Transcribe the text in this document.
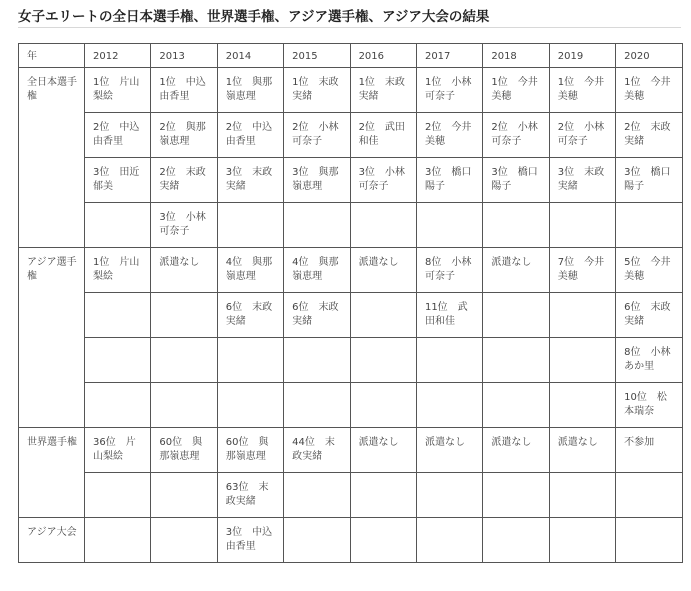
女子エリートの全日本選手権、世界選手権、アジア選手権、アジア大会の結果
年	2012	2013	2014	2015	2016	2017	2018	2019	2020
全日本選手権	1位　片山梨絵	1位　中込由香里	1位　與那嶺恵理	1位　末政実緒	1位　末政実緒	1位　小林可奈子	1位　今井美穂	1位　今井美穂	1位　今井美穂
	2位　中込由香里	2位　與那嶺恵理	2位　中込由香里	2位　小林可奈子	2位　武田和佳	2位　今井美穂	2位　小林可奈子	2位　小林可奈子	2位　末政実緒
	3位　田近郁美	2位　末政実緒	3位　末政実緒	3位　與那嶺恵理	3位　小林可奈子	3位　橋口陽子	3位　橋口陽子	3位　末政実緒	3位　橋口陽子
		3位　小林可奈子							
アジア選手権	1位　片山梨絵	派遣なし	4位　與那嶺恵理	4位　與那嶺恵理	派遣なし	8位　小林可奈子	派遣なし	7位　今井美穂	5位　今井美穂
			6位　末政実緒	6位　末政実緒		11位　武田和佳			6位　末政実緒
									8位　小林あか里
									10位　松本瑞奈
世界選手権	36位　片山梨絵	60位　與那嶺恵理	60位　與那嶺恵理	44位　末政実緒	派遣なし	派遣なし	派遣なし	派遣なし	不参加
			63位　末政実緒						
アジア大会			3位　中込由香里						
